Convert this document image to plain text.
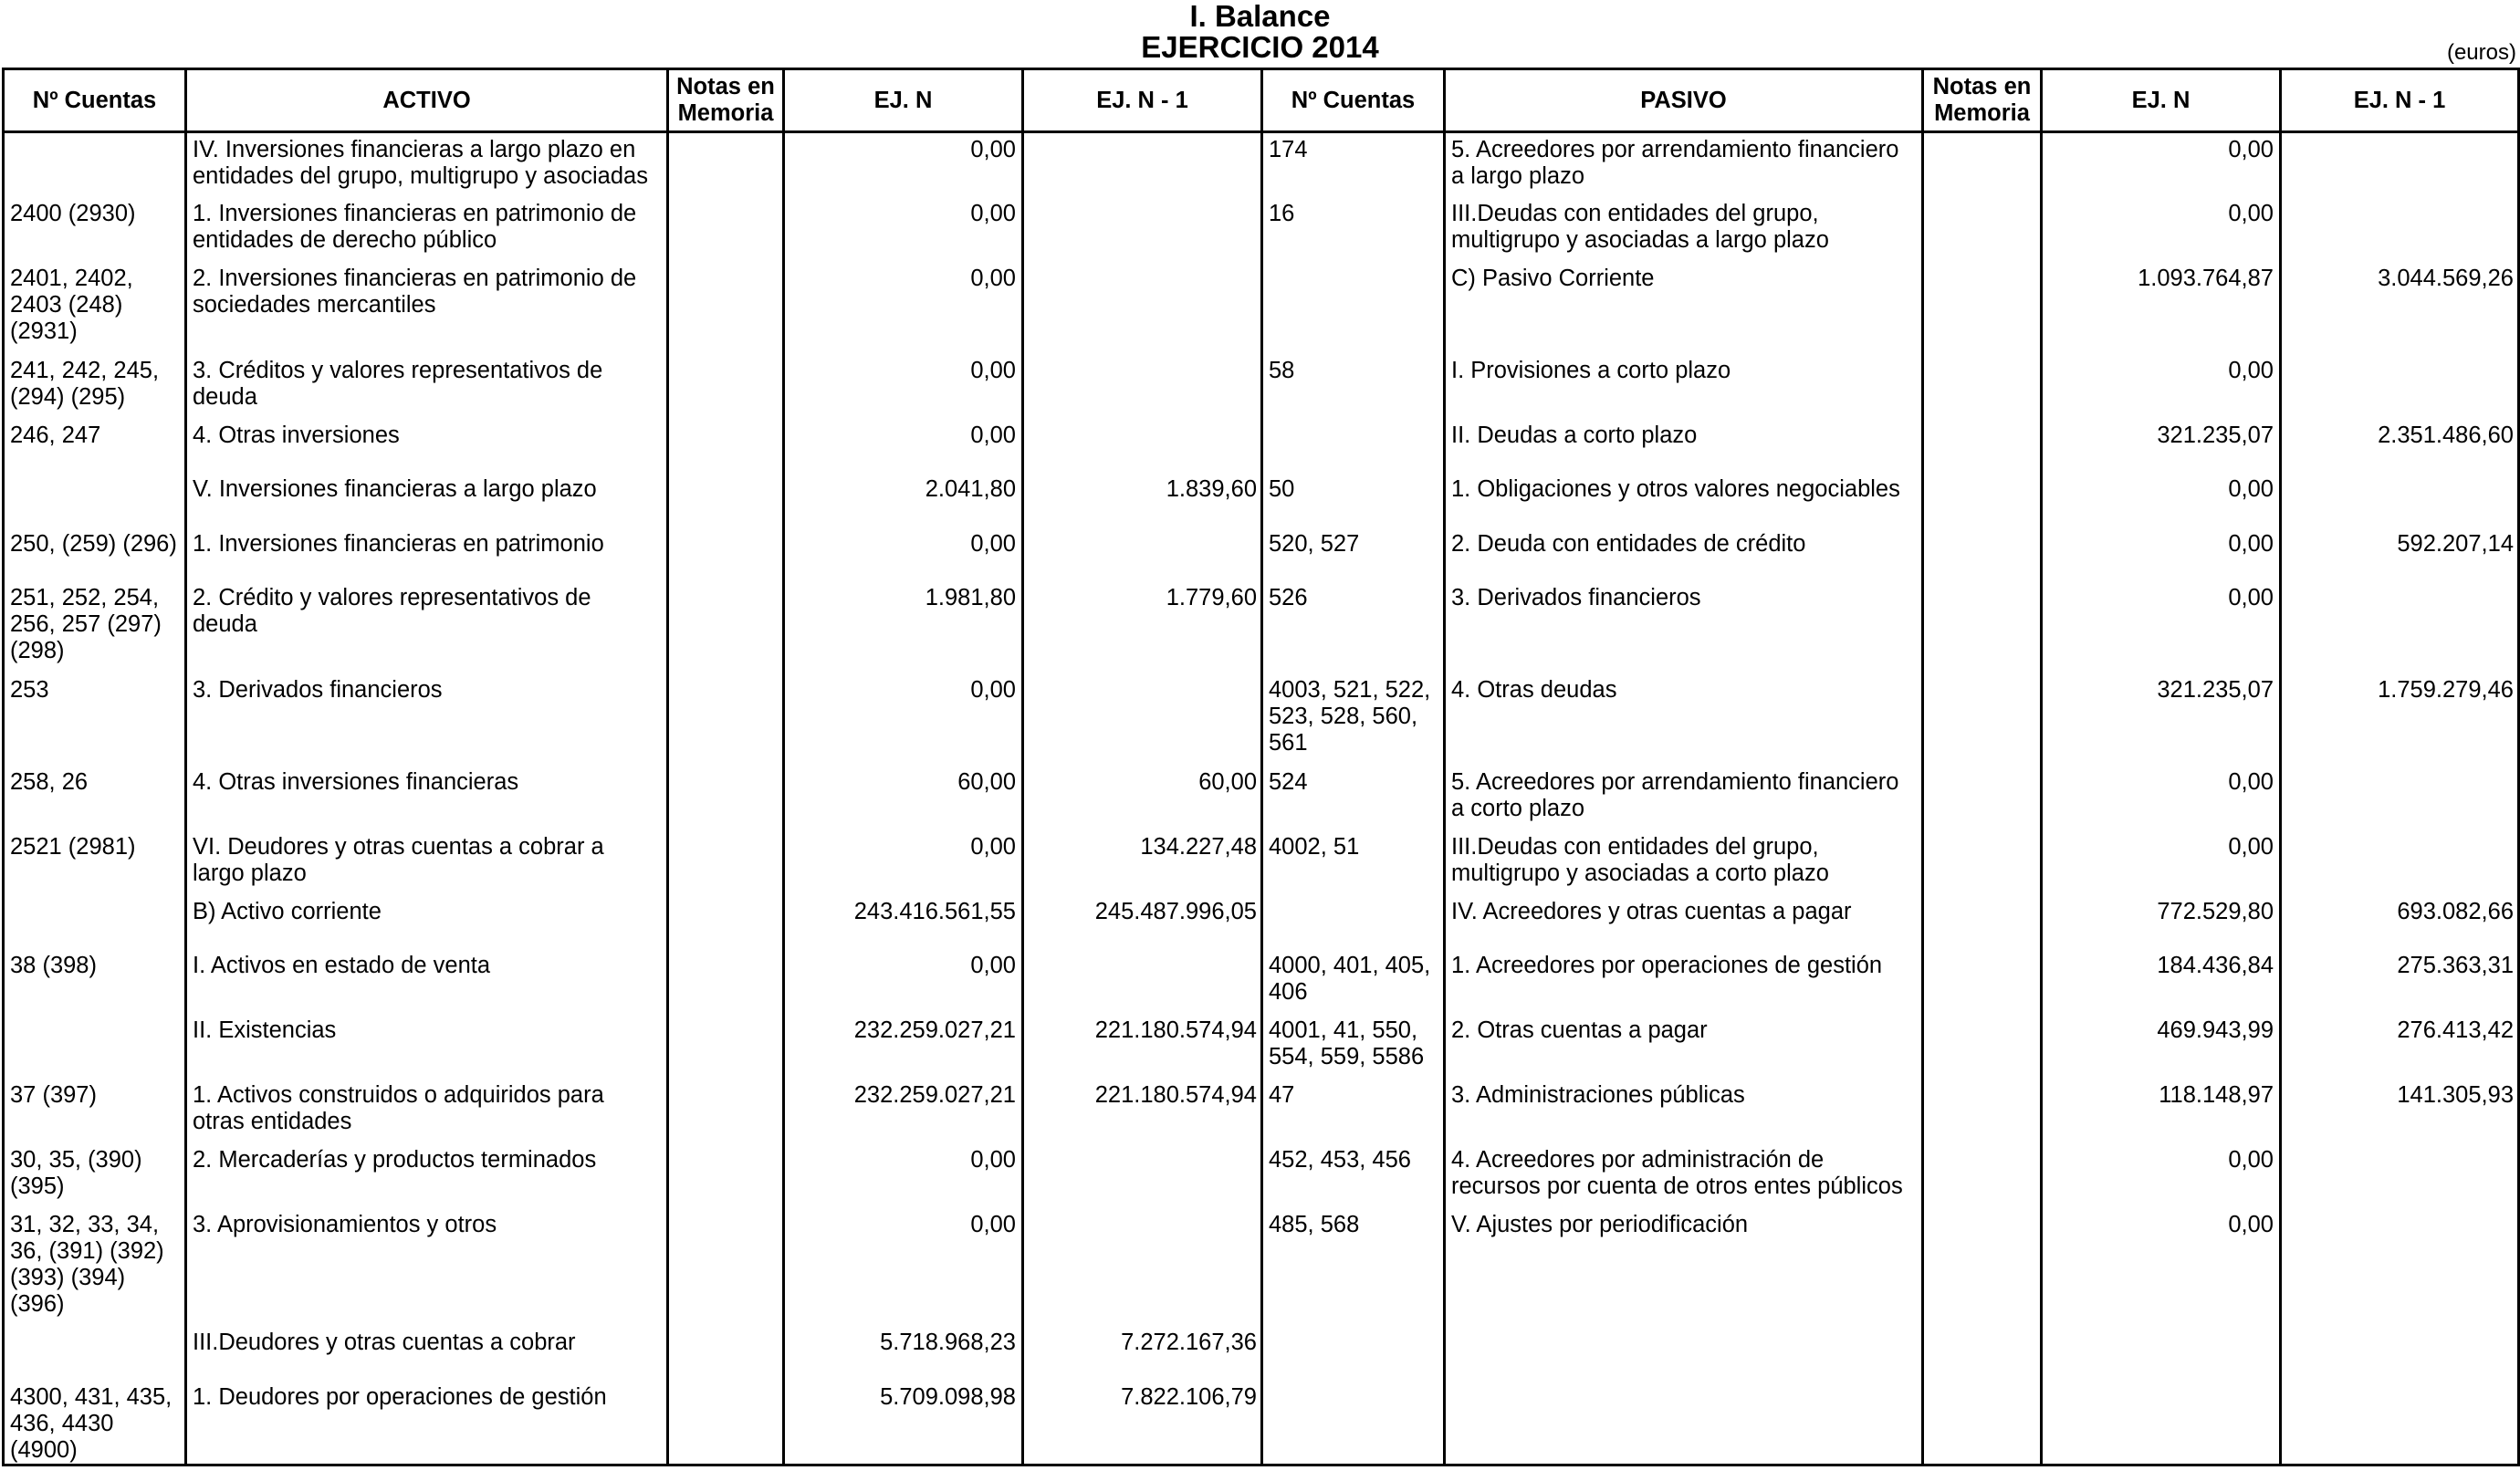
I. Balance
EJERCICIO 2014	(euros)
Nº Cuentas	ACTIVO	Notas en Memoria	EJ. N	EJ. N - 1	Nº Cuentas	PASIVO	Notas en Memoria	EJ. N	EJ. N - 1
	IV. Inversiones financieras a largo plazo en entidades del grupo, multigrupo y asociadas		0,00		174	5. Acreedores por arrendamiento financiero a largo plazo		0,00	
2400 (2930)	1. Inversiones financieras en patrimonio de entidades de derecho público		0,00		16	III.Deudas con entidades del grupo, multigrupo y asociadas a largo plazo		0,00	
2401, 2402, 2403 (248) (2931)	2. Inversiones financieras en patrimonio de sociedades mercantiles		0,00			C) Pasivo Corriente		1.093.764,87	3.044.569,26
241, 242, 245, (294) (295)	3. Créditos y valores representativos de deuda		0,00		58	I. Provisiones a corto plazo		0,00	
246, 247	4. Otras inversiones		0,00			II. Deudas a corto plazo		321.235,07	2.351.486,60
	V. Inversiones financieras a largo plazo		2.041,80	1.839,60	50	1. Obligaciones y otros valores negociables		0,00	
250, (259) (296)	1. Inversiones financieras en patrimonio		0,00		520, 527	2. Deuda con entidades de crédito		0,00	592.207,14
251, 252, 254, 256, 257 (297) (298)	2. Crédito y valores representativos de deuda		1.981,80	1.779,60	526	3. Derivados financieros		0,00	
253	3. Derivados financieros		0,00		4003, 521, 522, 523, 528, 560, 561	4. Otras deudas		321.235,07	1.759.279,46
258, 26	4. Otras inversiones financieras		60,00	60,00	524	5. Acreedores por arrendamiento financiero a corto plazo		0,00	
2521 (2981)	VI. Deudores y otras cuentas a cobrar a largo plazo		0,00	134.227,48	4002, 51	III.Deudas con entidades del grupo, multigrupo y asociadas a corto plazo		0,00	
	B) Activo corriente		243.416.561,55	245.487.996,05		IV. Acreedores y otras cuentas a pagar		772.529,80	693.082,66
38 (398)	I. Activos en estado de venta		0,00		4000, 401, 405, 406	1. Acreedores por operaciones de gestión		184.436,84	275.363,31
	II. Existencias		232.259.027,21	221.180.574,94	4001, 41, 550, 554, 559, 5586	2. Otras cuentas a pagar		469.943,99	276.413,42
37 (397)	1. Activos construidos o adquiridos para otras entidades		232.259.027,21	221.180.574,94	47	3. Administraciones públicas		118.148,97	141.305,93
30, 35, (390) (395)	2. Mercaderías y productos terminados		0,00		452, 453, 456	4. Acreedores por administración de recursos por cuenta de otros entes públicos		0,00	
31, 32, 33, 34, 36, (391) (392) (393) (394) (396)	3. Aprovisionamientos y otros		0,00		485, 568	V. Ajustes por periodificación		0,00	
	III.Deudores y otras cuentas a cobrar		5.718.968,23	7.272.167,36					
4300, 431, 435, 436, 4430 (4900)	1. Deudores por operaciones de gestión		5.709.098,98	7.822.106,79					
